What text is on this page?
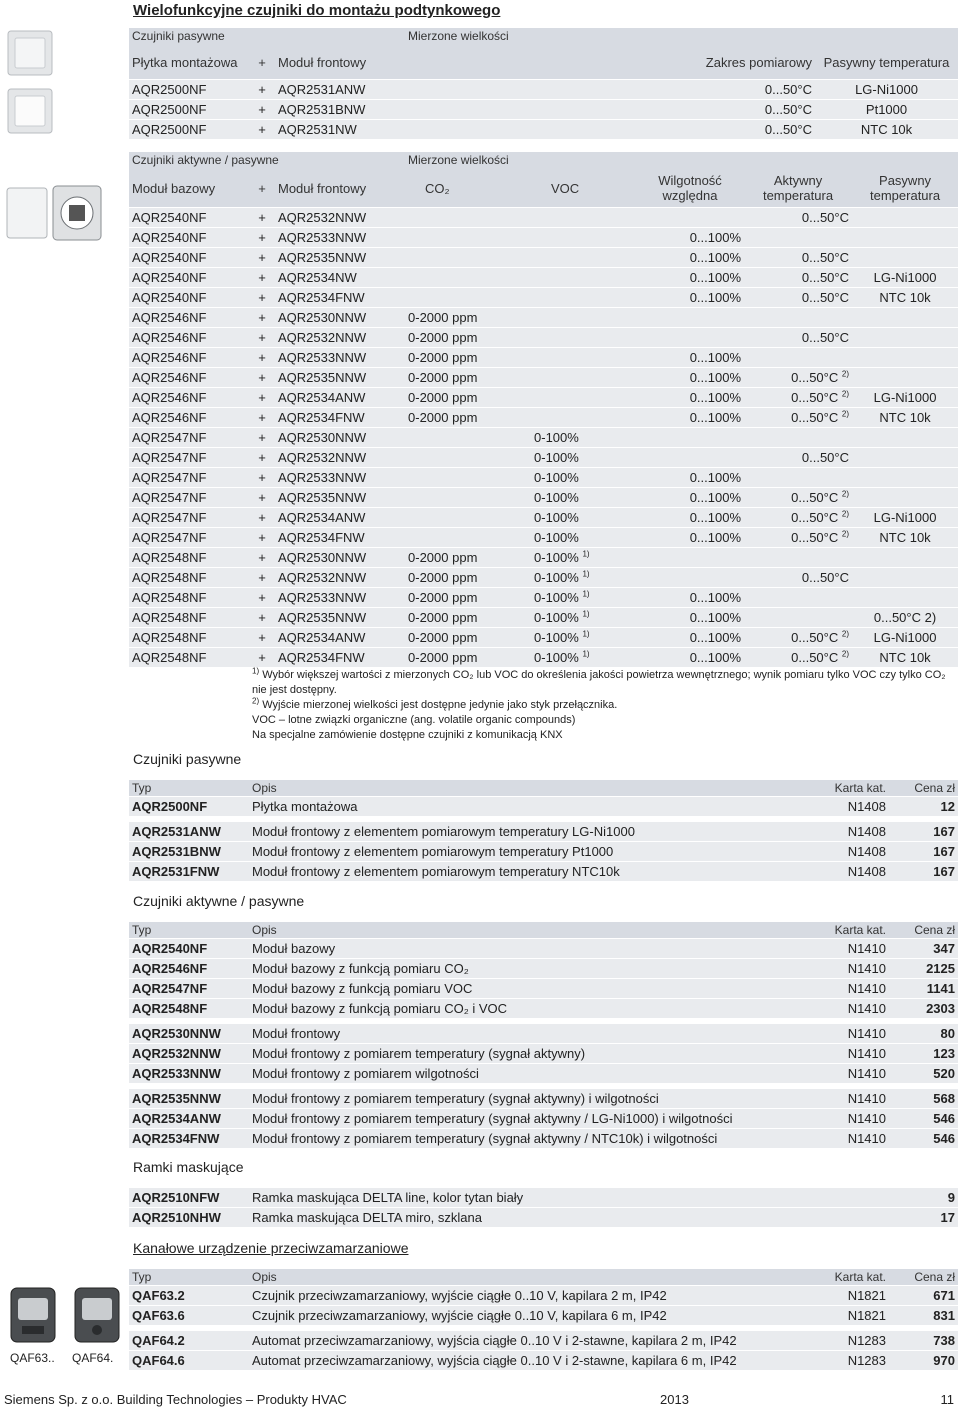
Wielofunkcyjne czujniki do montażu podtynkowego
Czujniki pasywne			Mierzone wielkości		
Płytka montażowa	+	Moduł frontowy		Zakres pomiarowy	Pasywny temperatura
AQR2500NF	+	AQR2531ANW		0...50°C	LG-Ni1000
AQR2500NF	+	AQR2531BNW		0...50°C	Pt1000
AQR2500NF	+	AQR2531NW		0...50°C	NTC 10k
Czujniki aktywne / pasywne			Mierzone wielkości				
Moduł bazowy	+	Moduł frontowy	CO₂	VOC	Wilgotność względna	Aktywny temperatura	Pasywny temperatura
AQR2540NF	+	AQR2532NNW				0...50°C	
AQR2540NF	+	AQR2533NNW			0...100%		
AQR2540NF	+	AQR2535NNW			0...100%	0...50°C	
AQR2540NF	+	AQR2534NW			0...100%	0...50°C	LG-Ni1000
AQR2540NF	+	AQR2534FNW			0...100%	0...50°C	NTC 10k
AQR2546NF	+	AQR2530NNW	0-2000 ppm				
AQR2546NF	+	AQR2532NNW	0-2000 ppm			0...50°C	
AQR2546NF	+	AQR2533NNW	0-2000 ppm		0...100%		
AQR2546NF	+	AQR2535NNW	0-2000 ppm		0...100%	0...50°C $^{2)}$	
AQR2546NF	+	AQR2534ANW	0-2000 ppm		0...100%	0...50°C $^{2)}$	LG-Ni1000
AQR2546NF	+	AQR2534FNW	0-2000 ppm		0...100%	0...50°C $^{2)}$	NTC 10k
AQR2547NF	+	AQR2530NNW		0-100%			
AQR2547NF	+	AQR2532NNW		0-100%		0...50°C	
AQR2547NF	+	AQR2533NNW		0-100%	0...100%		
AQR2547NF	+	AQR2535NNW		0-100%	0...100%	0...50°C $^{2)}$	
AQR2547NF	+	AQR2534ANW		0-100%	0...100%	0...50°C $^{2)}$	LG-Ni1000
AQR2547NF	+	AQR2534FNW		0-100%	0...100%	0...50°C $^{2)}$	NTC 10k
AQR2548NF	+	AQR2530NNW	0-2000 ppm	0-100% $^{1)}$			
AQR2548NF	+	AQR2532NNW	0-2000 ppm	0-100% $^{1)}$		0...50°C	
AQR2548NF	+	AQR2533NNW	0-2000 ppm	0-100% $^{1)}$	0...100%		
AQR2548NF	+	AQR2535NNW	0-2000 ppm	0-100% $^{1)}$	0...100%		0...50°C 2)
AQR2548NF	+	AQR2534ANW	0-2000 ppm	0-100% $^{1)}$	0...100%	0...50°C $^{2)}$	LG-Ni1000
AQR2548NF	+	AQR2534FNW	0-2000 ppm	0-100% $^{1)}$	0...100%	0...50°C $^{2)}$	NTC 10k
$^{1)}$ Wybór większej wartości z mierzonych CO₂ lub VOC do określenia jakości powietrza wewnętrznego; wynik pomiaru tylko VOC czy tylko CO₂ nie jest dostępny.
$^{2)}$ Wyjście mierzonej wielkości jest dostępne jedynie jako styk przełącznika.
VOC – lotne związki organiczne (ang. volatile organic compounds)
Na specjalne zamówienie dostępne czujniki z komunikacją KNX
Czujniki pasywne
Czujniki aktywne / pasywne
Ramki maskujące
Kanałowe urządzenie przeciwzamarzaniowe
Typ	Opis	Karta kat.	Cena zł
AQR2500NF	Płytka montażowa	N1408	12

AQR2531ANW	Moduł frontowy z elementem pomiarowym temperatury LG-Ni1000	N1408	167
AQR2531BNW	Moduł frontowy z elementem pomiarowym temperatury Pt1000	N1408	167
AQR2531FNW	Moduł frontowy z elementem pomiarowym temperatury NTC10k	N1408	167
Typ	Opis	Karta kat.	Cena zł
AQR2540NF	Moduł bazowy	N1410	347
AQR2546NF	Moduł bazowy z funkcją pomiaru CO₂	N1410	2125
AQR2547NF	Moduł bazowy z funkcją pomiaru VOC	N1410	1141
AQR2548NF	Moduł bazowy z funkcją pomiaru CO₂ i VOC	N1410	2303

AQR2530NNW	Moduł frontowy	N1410	80
AQR2532NNW	Moduł frontowy z pomiarem temperatury (sygnał aktywny)	N1410	123
AQR2533NNW	Moduł frontowy z pomiarem wilgotności	N1410	520

AQR2535NNW	Moduł frontowy z pomiarem temperatury (sygnał aktywny) i wilgotności	N1410	568
AQR2534ANW	Moduł frontowy z pomiarem temperatury (sygnał aktywny / LG-Ni1000) i wilgotności	N1410	546
AQR2534FNW	Moduł frontowy z pomiarem temperatury (sygnał aktywny / NTC10k) i wilgotności	N1410	546
AQR2510NFW	Ramka maskująca DELTA line, kolor tytan biały		9
AQR2510NHW	Ramka maskująca DELTA miro, szklana		17
Typ	Opis	Karta kat.	Cena zł
QAF63.2	Czujnik przeciwzamarzaniowy, wyjście ciągłe 0..10 V, kapilara 2 m, IP42	N1821	671
QAF63.6	Czujnik przeciwzamarzaniowy, wyjście ciągłe 0..10 V, kapilara 6 m, IP42	N1821	831

QAF64.2	Automat przeciwzamarzaniowy, wyjścia ciągłe 0..10 V i 2-stawne, kapilara 2 m, IP42	N1283	738
QAF64.6	Automat przeciwzamarzaniowy, wyjścia ciągłe 0..10 V i 2-stawne, kapilara 6 m, IP42	N1283	970
QAF63.. QAF64.
Siemens Sp. z o.o. Building Technologies – Produkty HVAC	2013	11
